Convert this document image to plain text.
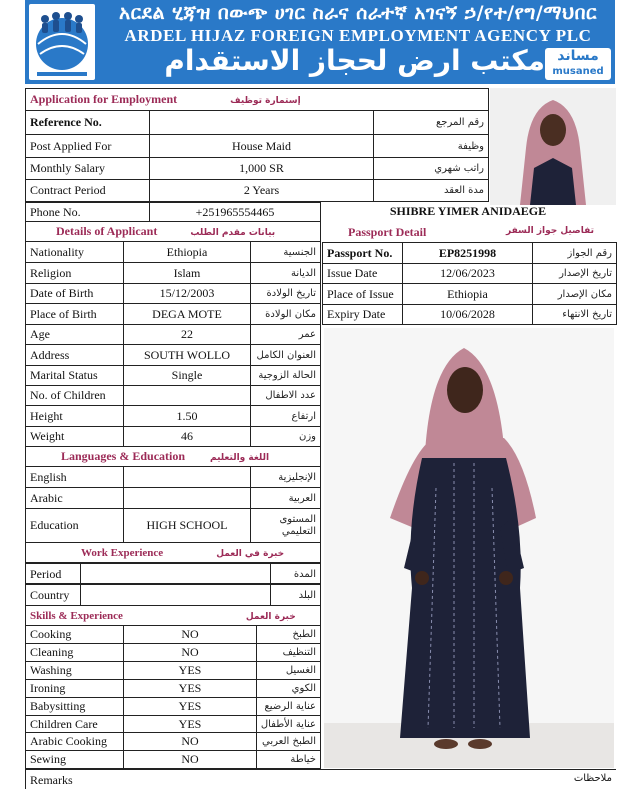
አርደል ሂጃዝ በውጭ ሀገር ስራና ሰራተኛ አገናኝ ኃ/የተ/የግ/ማህበር
ARDEL HIJAZ FOREIGN EMPLOYMENT AGENCY PLC
مكتب ارض لحجاز الاستقدام مساند
musaned
Application for Employment إستمارة توظيف		
Reference No.		رقم المرجع
Post Applied For	House Maid	وظيفة
Monthly Salary	1,000 SR	راتب شهري
Contract Period	2 Years	مدة العقد
Phone No.	+251965554465	SHIBRE YIMER ANIDAEGE
Details of Applicant بيانات مقدم الطلب		
Nationality	Ethiopia	الجنسية
Religion	Islam	الديانة
Date of Birth	15/12/2003	تاريخ الولادة
Place of Birth	DEGA MOTE	مكان الولادة
Age	22	عمر
Address	SOUTH WOLLO	العنوان الكامل
Marital Status	Single	الحالة الزوجية
No. of Children		عدد الاطفال
Height	1.50	ارتفاع
Weight	46	وزن
Languages & Education اللغة والتعليم		
English		الإنجليزية
Arabic		العربية
Education	HIGH SCHOOL	المستوى التعليمي
Work Experience خبرة في العمل		

Period		المدة
Country		البلد
Skills & Experience خبرة العمل		
Cooking	NO	الطبخ
Cleaning	NO	التنظيف
Washing	YES	الغسيل
Ironing	YES	الكوي
Babysitting	YES	عناية الرضيع
Children Care	YES	عناية الأطفال
Arabic Cooking	NO	الطبخ العربي
Sewing	NO	خياطة
Passport Detail	تفاصيل جواز السفر
Passport No.	EP8251998	رقم الجواز
Issue Date	12/06/2023	تاريخ الإصدار
Place of Issue	Ethiopia	مكان الإصدار
Expiry Date	10/06/2028	تاريخ الانتهاء
Remarks	ملاحظات
